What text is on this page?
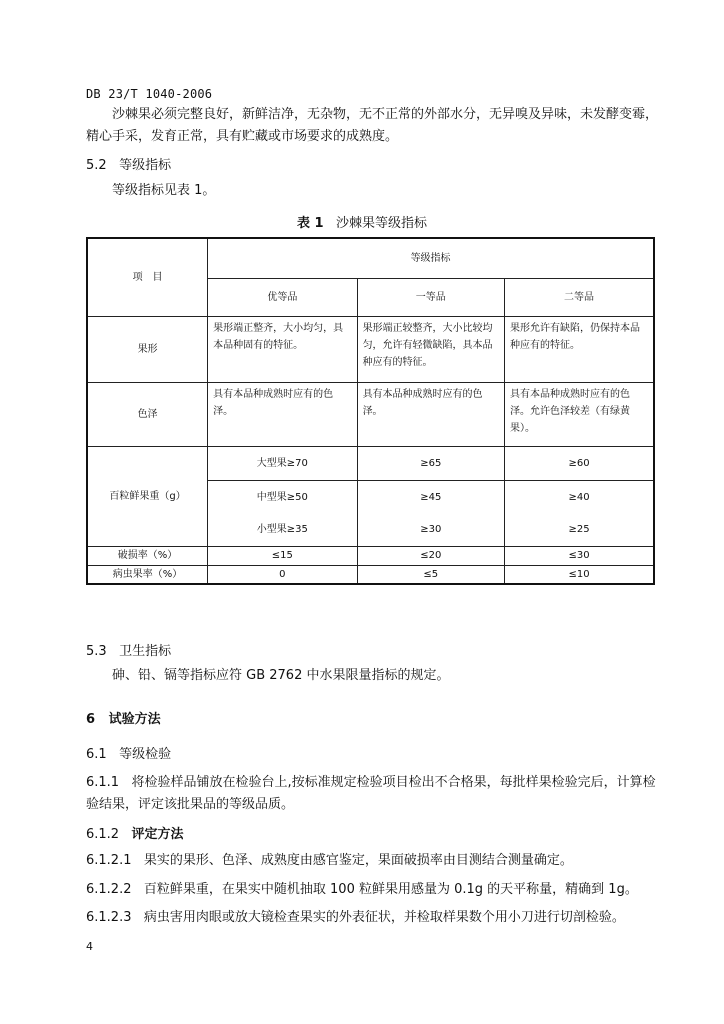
DB 23/T 1040-2006
沙棘果必须完整良好，新鲜洁净，无杂物，无不正常的外部水分，无异嗅及异味，未发酵变霉，精心手采，发育正常，具有贮藏或市场要求的成熟度。
5.2 等级指标
等级指标见表 1。
表 1 沙棘果等级指标
项　目	等级指标		
	优等品	一等品	二等品
果形	果形端正整齐，大小均匀，具本品种固有的特征。	果形端正较整齐，大小比较均匀，允许有轻微缺陷，具本品种应有的特征。	果形允许有缺陷，仍保持本品种应有的特征。
色泽	具有本品种成熟时应有的色泽。	具有本品种成熟时应有的色泽。	具有本品种成熟时应有的色泽。允许色泽较差（有绿黄果）。
百粒鲜果重（g）	大型果≥70	≥65	≥60
	中型果≥50	≥45	≥40
	小型果≥35	≥30	≥25
破损率（%）	≤15	≤20	≤30
病虫果率（%）	0	≤5	≤10
5.3 卫生指标
砷、铅、镉等指标应符 GB 2762 中水果限量指标的规定。
6 试验方法
6.1 等级检验
6.1.1 将检验样品铺放在检验台上,按标准规定检验项目检出不合格果，每批样果检验完后，计算检验结果，评定该批果品的等级品质。
6.1.2 评定方法
6.1.2.1 果实的果形、色泽、成熟度由感官鉴定，果面破损率由目测结合测量确定。
6.1.2.2 百粒鲜果重，在果实中随机抽取 100 粒鲜果用感量为 0.1g 的天平称量，精确到 1g。
6.1.2.3 病虫害用肉眼或放大镜检查果实的外表征状，并检取样果数个用小刀进行切剖检验。
4
